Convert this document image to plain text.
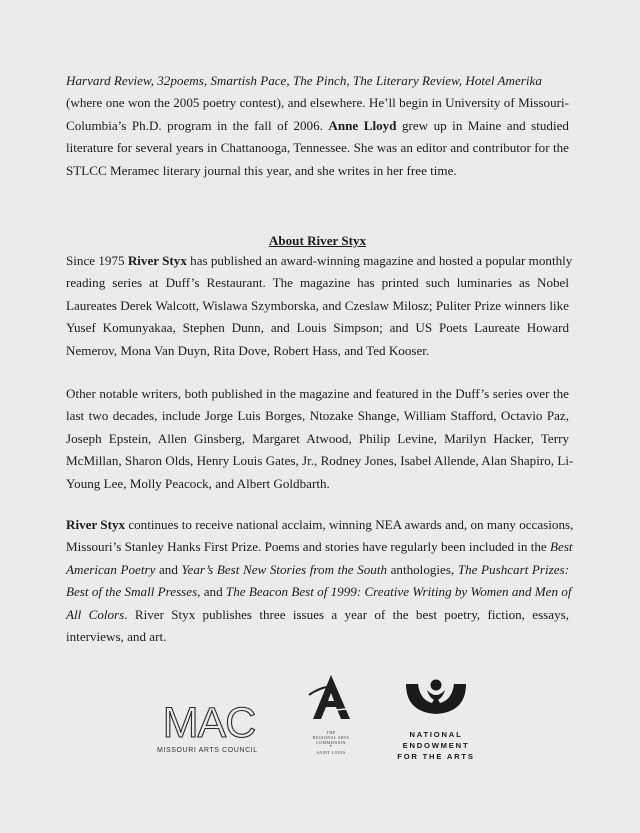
Harvard Review, 32poems, Smartish Pace, The Pinch, The Literary Review, Hotel Amerika
(where one won the 2005 poetry contest), and elsewhere. He’ll begin in University of Missouri-
Columbia’s Ph.D. program in the fall of 2006. Anne Lloyd grew up in Maine and studied
literature for several years in Chattanooga, Tennessee. She was an editor and contributor for the
STLCC Meramec literary journal this year, and she writes in her free time.
About River Styx
Since 1975 River Styx has published an award-winning magazine and hosted a popular monthly
reading series at Duff’s Restaurant. The magazine has printed such luminaries as Nobel
Laureates Derek Walcott, Wislawa Szymborska, and Czeslaw Milosz; Puliter Prize winners like
Yusef Komunyakaa, Stephen Dunn, and Louis Simpson; and US Poets Laureate Howard
Nemerov, Mona Van Duyn, Rita Dove, Robert Hass, and Ted Kooser.
Other notable writers, both published in the magazine and featured in the Duff’s series over the
last two decades, include Jorge Luis Borges, Ntozake Shange, William Stafford, Octavio Paz,
Joseph Epstein, Allen Ginsberg, Margaret Atwood, Philip Levine, Marilyn Hacker, Terry
McMillan, Sharon Olds, Henry Louis Gates, Jr., Rodney Jones, Isabel Allende, Alan Shapiro, Li-
Young Lee, Molly Peacock, and Albert Goldbarth.
River Styx continues to receive national acclaim, winning NEA awards and, on many occasions,
Missouri’s Stanley Hanks First Prize. Poems and stories have regularly been included in the Best
American Poetry and Year’s Best New Stories from the South anthologies, The Pushcart Prizes:
Best of the Small Presses, and The Beacon Best of 1999: Creative Writing by Women and Men of
All Colors. River Styx publishes three issues a year of the best poetry, fiction, essays,
interviews, and art.
MAC
MISSOURI ARTS COUNCIL
THE
REGIONAL ARTS
COMMISSION
•
SAINT LOUIS
NATIONAL
ENDOWMENT
FOR THE ARTS
